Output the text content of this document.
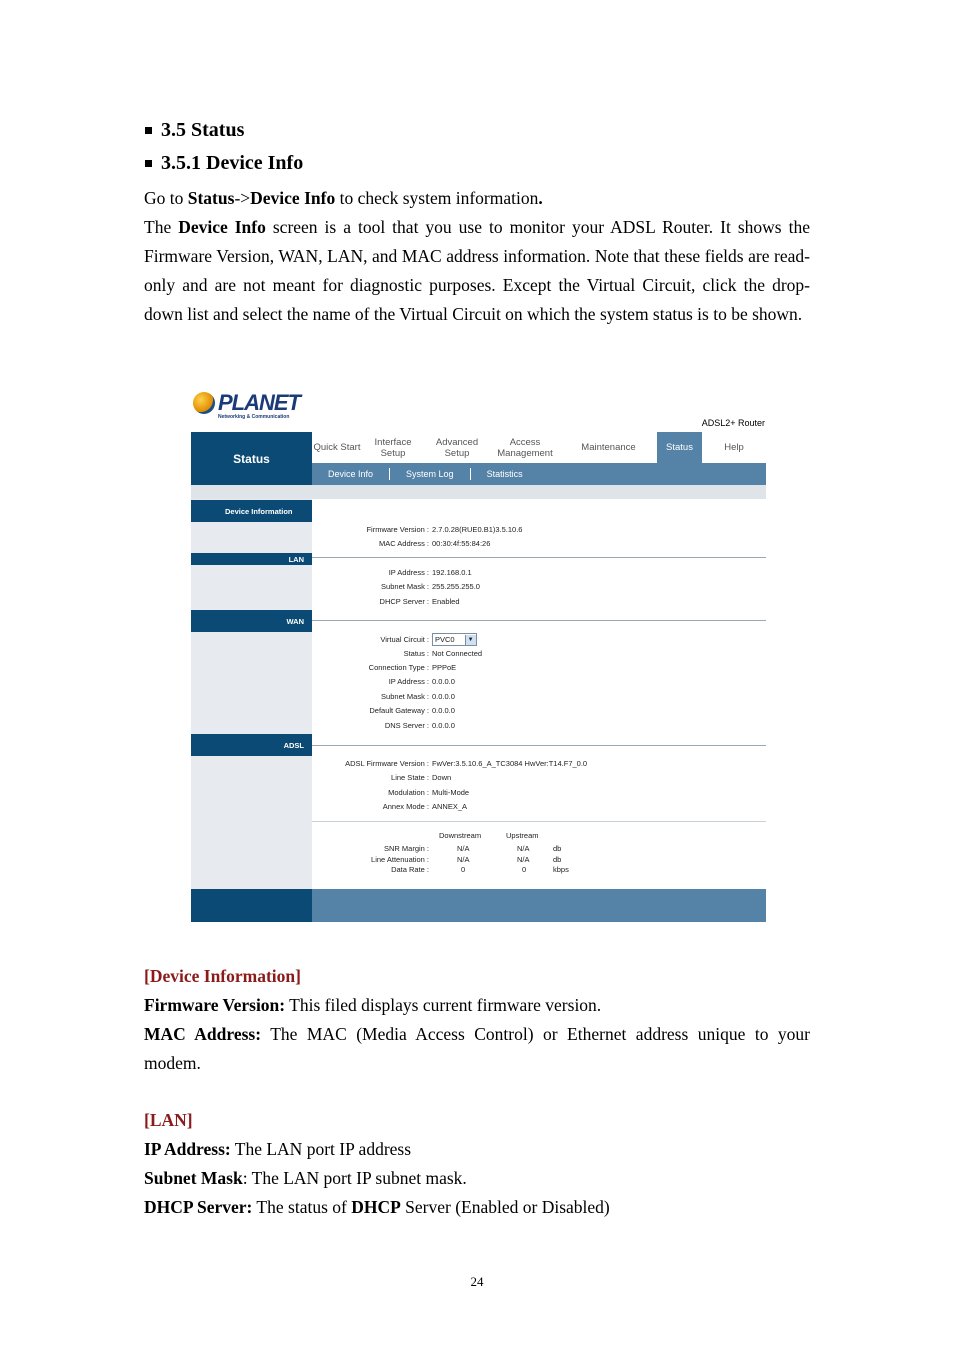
3.5 Status
3.5.1 Device Info
Go to Status->Device Info to check system information.
The Device Info screen is a tool that you use to monitor your ADSL Router. It shows the Firmware Version, WAN, LAN, and MAC address information. Note that these fields are read-only and are not meant for diagnostic purposes. Except the Virtual Circuit, click the drop-down list and select the name of the Virtual Circuit on which the system status is to be shown.
PLANET
Networking & Communication
ADSL2+ Router
Status
Quick Start	Interface Setup
Advanced Setup
Access Management	Maintenance	Status	Help
Device Info	System Log	Statistics
Device Information
Firmware Version : 2.7.0.28(RUE0.B1)3.5.10.6
MAC Address : 00:30:4f:55:84:26
LAN
IP Address : 192.168.0.1
Subnet Mask : 255.255.255.0
DHCP Server : Enabled
WAN
Virtual Circuit : PVC0	▼
Status : Not Connected
Connection Type : PPPoE
IP Address : 0.0.0.0
Subnet Mask : 0.0.0.0
Default Gateway : 0.0.0.0
DNS Server : 0.0.0.0
ADSL
ADSL Firmware Version : FwVer:3.5.10.6_A_TC3084 HwVer:T14.F7_0.0
Line State : Down
Modulation : Multi-Mode
Annex Mode : ANNEX_A
Downstream	Upstream
SNR Margin :	N/A	N/A	db
Line Attenuation :	N/A	N/A	db
Data Rate :	0	0	kbps
[Device Information]
Firmware Version: This filed displays current firmware version.
MAC Address: The MAC (Media Access Control) or Ethernet address unique to your modem.
[LAN]
IP Address: The LAN port IP address
Subnet Mask: The LAN port IP subnet mask.
DHCP Server: The status of DHCP Server (Enabled or Disabled)
24
